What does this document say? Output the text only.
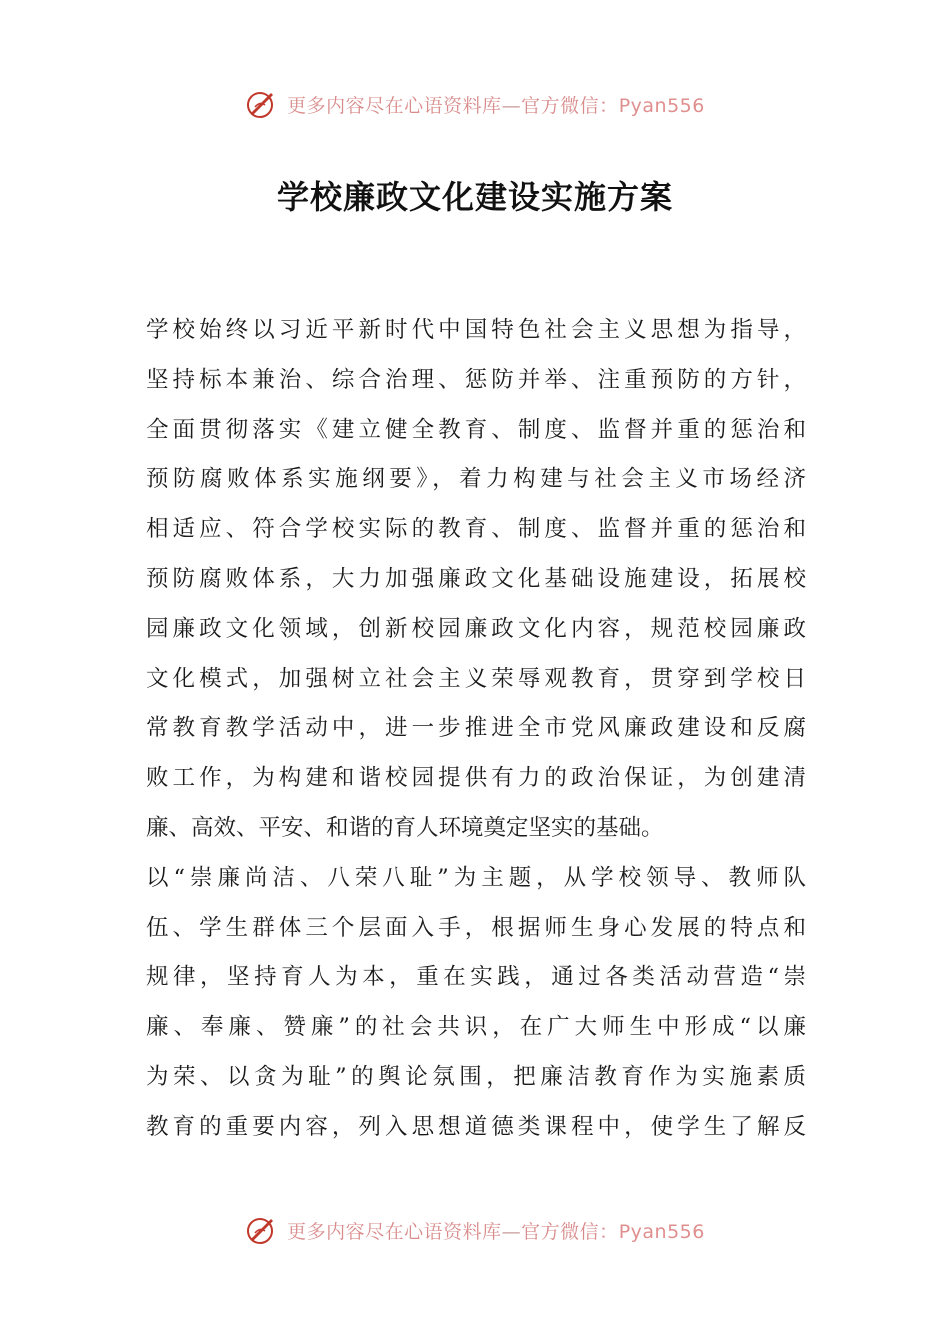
更多内容尽在心语资料库—官方微信：Pyan556
学校廉政文化建设实施方案
学校始终以习近平新时代中国特色社会主义思想为指导，
坚持标本兼治、综合治理、惩防并举、注重预防的方针，
全面贯彻落实《建立健全教育、制度、监督并重的惩治和
预防腐败体系实施纲要》，着力构建与社会主义市场经济
相适应、符合学校实际的教育、制度、监督并重的惩治和
预防腐败体系，大力加强廉政文化基础设施建设，拓展校
园廉政文化领域，创新校园廉政文化内容，规范校园廉政
文化模式，加强树立社会主义荣辱观教育，贯穿到学校日
常教育教学活动中，进一步推进全市党风廉政建设和反腐
败工作，为构建和谐校园提供有力的政治保证，为创建清
廉、高效、平安、和谐的育人环境奠定坚实的基础。
以“崇廉尚洁、八荣八耻”为主题，从学校领导、教师队
伍、学生群体三个层面入手，根据师生身心发展的特点和
规律，坚持育人为本，重在实践，通过各类活动营造“崇
廉、奉廉、赞廉”的社会共识，在广大师生中形成“以廉
为荣、以贪为耻”的舆论氛围，把廉洁教育作为实施素质
教育的重要内容，列入思想道德类课程中，使学生了解反
更多内容尽在心语资料库—官方微信：Pyan556
